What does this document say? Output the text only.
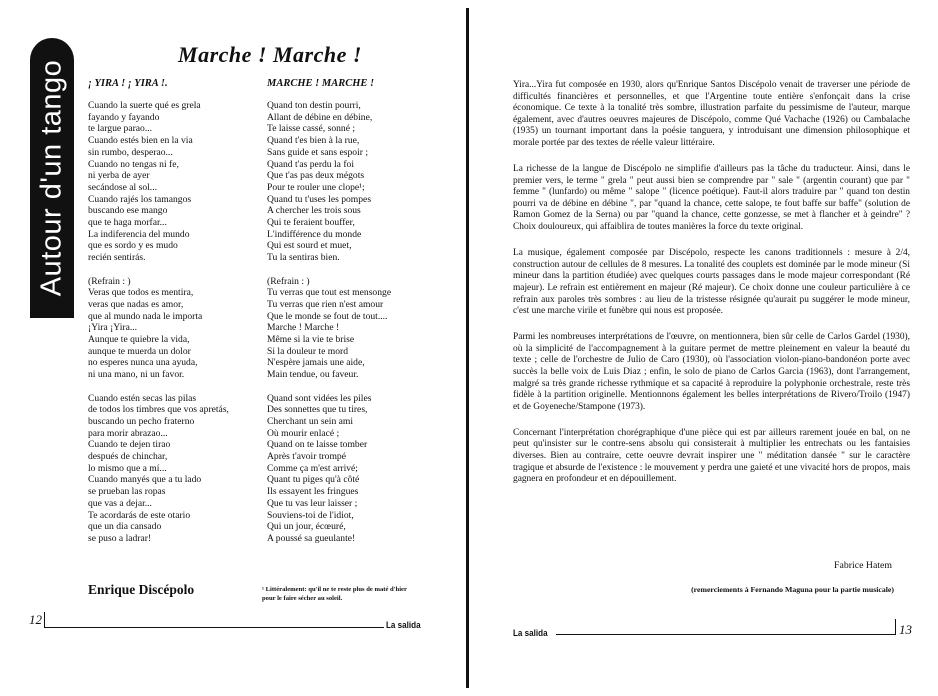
Autour d'un tango
Marche ! Marche !
¡ YIRA ! ¡ YIRA !.	MARCHE ! MARCHE !
Cuando la suerte qué es grela
fayando y fayando
te largue parao...
Cuando estés bien en la via
sin rumbo, desperao...
Cuando no tengas ni fe,
ni yerba de ayer
secándose al sol...
Cuando rajés los tamangos
buscando ese mango
que te haga morfar...
La indiferencia del mundo
que es sordo y es mudo
recién sentirás.
(Refrain : )
Veras que todos es mentira,
veras que nadas es amor,
que al mundo nada le importa
¡Yira ¡Yira...
Aunque te quiebre la vida,
aunque te muerda un dolor
no esperes nunca una ayuda,
ni una mano, ni un favor.
Cuando estén secas las pilas
de todos los timbres que vos apretás,
buscando un pecho fraterno
para morir abrazao...
Cuando te dejen tirao
después de chinchar,
lo mismo que a mí...
Cuando manyés que a tu lado
se prueban las ropas
que vas a dejar...
Te acordarás de este otario
que un dia cansado
se puso a ladrar!
Quand ton destin pourri,
Allant de débine en débine,
Te laisse cassé, sonné ;
Quand t'es bien à la rue,
Sans guide et sans espoir ;
Quand t'as perdu la foi
Que t'as pas deux mégots
Pour te rouler une clope¹;
Quand tu t'uses les pompes
A chercher les trois sous
Qui te feraient bouffer,
L'indifférence du monde
Qui est sourd et muet,
Tu la sentiras bien.
(Refrain : )
Tu verras que tout est mensonge
Tu verras que rien n'est amour
Que le monde se fout de tout....
Marche ! Marche !
Même si la vie te brise
Si la douleur te mord
N'espère jamais une aide,
Main tendue, ou faveur.
Quand sont vidées les piles
Des sonnettes que tu tires,
Cherchant un sein ami
Où mourir enlacé ;
Quand on te laisse tomber
Après t'avoir trompé
Comme ça m'est arrivé;
Quant tu piges qu'à côté
Ils essayent les fringues
Que tu vas leur laisser ;
Souviens-toi de l'idiot,
Qui un jour, écœuré,
A poussé sa gueulante!
Enrique Discépolo	¹ Littéralement: qu'il ne te reste plus de maté d'hier pour le faire sécher au soleil.
12	La salida

Yira...Yira fut composée en 1930, alors qu'Enrique Santos Discépolo venait de traverser une période de difficultés financières et personnelles, et que l'Argentine toute entière s'enfonçait dans la crise économique. Ce texte à la tonalité très sombre, illustration parfaite du pessimisme de l'auteur, marque également, avec d'autres oeuvres majeures de Discépolo, comme Qué Vachache (1926) ou Cambalache (1935) un tournant important dans la poésie tanguera, y introduisant une dimension philosophique et morale portée par des textes de réelle valeur littéraire.

La richesse de la langue de Discépolo ne simplifie d'ailleurs pas la tâche du traducteur. Ainsi, dans le premier vers, le terme " grela " peut aussi bien se comprendre par " sale " (argentin courant) que par " femme " (lunfardo) ou même " salope " (licence poétique). Faut-il alors traduire par " quand ton destin pourri va de débine en débine ", par "quand la chance, cette salope, te fout baffe sur baffe" (solution de Ramon Gomez de la Serna) ou par "quand la chance, cette gonzesse, se met à flancher et à geindre" ? Choix douloureux, qui affaiblira de toutes manières la force du texte original.

La musique, également composée par Discépolo, respecte les canons traditionnels : mesure à 2/4, construction autour de cellules de 8 mesures. La tonalité des couplets est dominée par le mode mineur (Si mineur dans la partition étudiée) avec quelques courts passages dans le mode majeur correspondant (Ré majeur). Le refrain est entièrement en majeur (Ré majeur). Ce choix donne une couleur particulière à ce refrain aux paroles très sombres : au lieu de la tristesse résignée qu'aurait pu suggérer le mode mineur, c'est une marche virile et funèbre qui nous est proposée.

Parmi les nombreuses interprétations de l'œuvre, on mentionnera, bien sûr celle de Carlos Gardel (1930), où la simplicité de l'accompagnement à la guitare permet de mettre pleinement en valeur la beauté du texte ; celle de l'orchestre de Julio de Caro (1930), où l'association violon-piano-bandonéon porte avec succès la belle voix de Luis Diaz ; enfin, le solo de piano de Carlos Garcia (1963), dont l'arrangement, malgré sa très grande richesse rythmique et sa capacité à reproduire la polyphonie orchestrale, reste très fidèle à la partition originelle. Mentionnons également les belles interprétations de Rivero/Troilo (1947) et de Goyeneche/Stampone (1973).

Concernant l'interprétation chorégraphique d'une pièce qui est par ailleurs rarement jouée en bal, on ne peut qu'insister sur le contre-sens absolu qui consisterait à multiplier les entrechats ou les fantaisies diverses. Bien au contraire, cette oeuvre devrait inspirer une " méditation dansée " sur le caractère tragique et absurde de l'existence : le mouvement y perdra une gaieté et une vivacité hors de propos, mais gagnera en profondeur et en dépouillement.

Fabrice Hatem
(remerciements à Fernando Maguna pour la partie musicale)
La salida	13
